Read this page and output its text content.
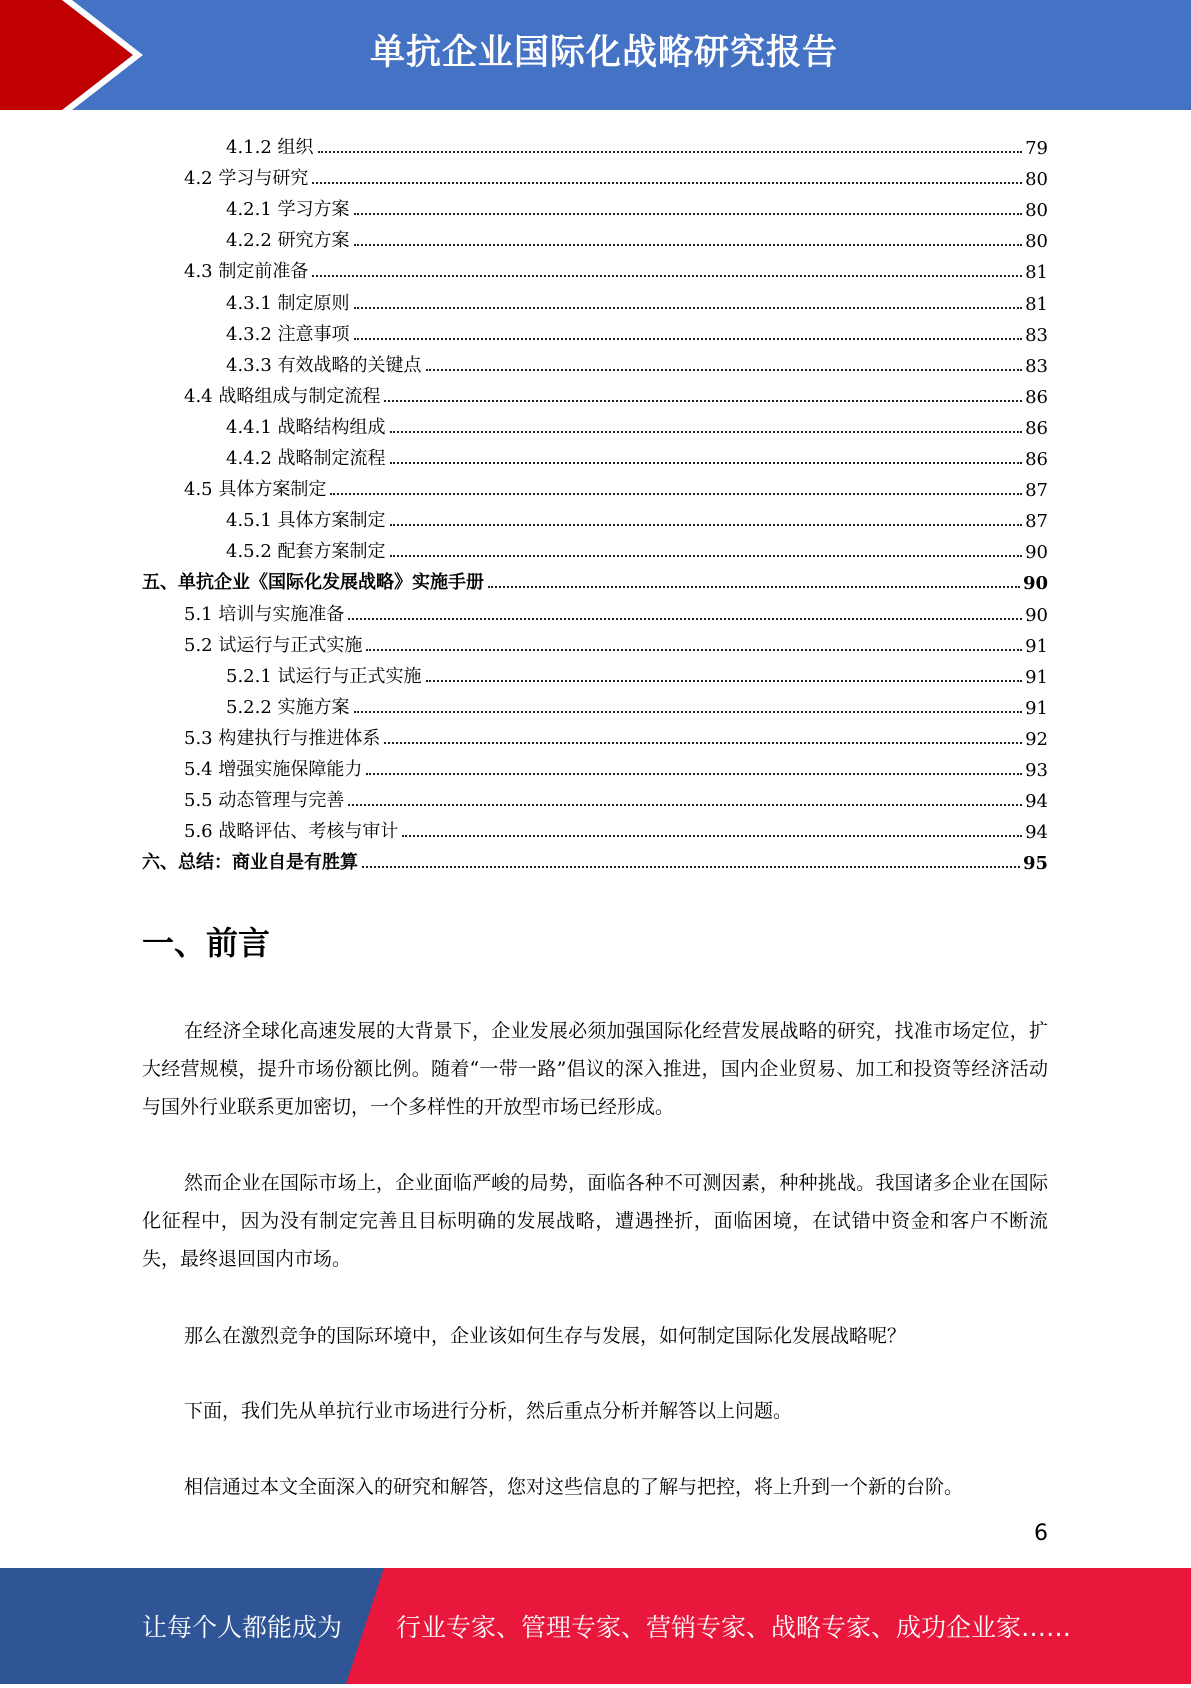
单抗企业国际化战略研究报告
4.1.2 组织	79
4.2 学习与研究	80
4.2.1 学习方案	80
4.2.2 研究方案	80
4.3 制定前准备	81
4.3.1 制定原则	81
4.3.2 注意事项	83
4.3.3 有效战略的关键点	83
4.4 战略组成与制定流程	86
4.4.1 战略结构组成	86
4.4.2 战略制定流程	86
4.5 具体方案制定	87
4.5.1 具体方案制定	87
4.5.2 配套方案制定	90
五、单抗企业《国际化发展战略》实施手册	90
5.1 培训与实施准备	90
5.2 试运行与正式实施	91
5.2.1 试运行与正式实施	91
5.2.2 实施方案	91
5.3 构建执行与推进体系	92
5.4 增强实施保障能力	93
5.5 动态管理与完善	94
5.6 战略评估、考核与审计	94
六、总结：商业自是有胜算	95
一、前言

在经济全球化高速发展的大背景下，企业发展必须加强国际化经营发展战略的研究，找准市场定位，扩大经营规模，提升市场份额比例。随着“一带一路”倡议的深入推进，国内企业贸易、加工和投资等经济活动与国外行业联系更加密切，一个多样性的开放型市场已经形成。

然而企业在国际市场上，企业面临严峻的局势，面临各种不可测因素，种种挑战。我国诸多企业在国际化征程中，因为没有制定完善且目标明确的发展战略，遭遇挫折，面临困境，在试错中资金和客户不断流失，最终退回国内市场。

那么在激烈竞争的国际环境中，企业该如何生存与发展，如何制定国际化发展战略呢？

下面，我们先从单抗行业市场进行分析，然后重点分析并解答以上问题。

相信通过本文全面深入的研究和解答，您对这些信息的了解与把控，将上升到一个新的台阶。

6
让每个人都能成为 行业专家、管理专家、营销专家、战略专家、成功企业家……
